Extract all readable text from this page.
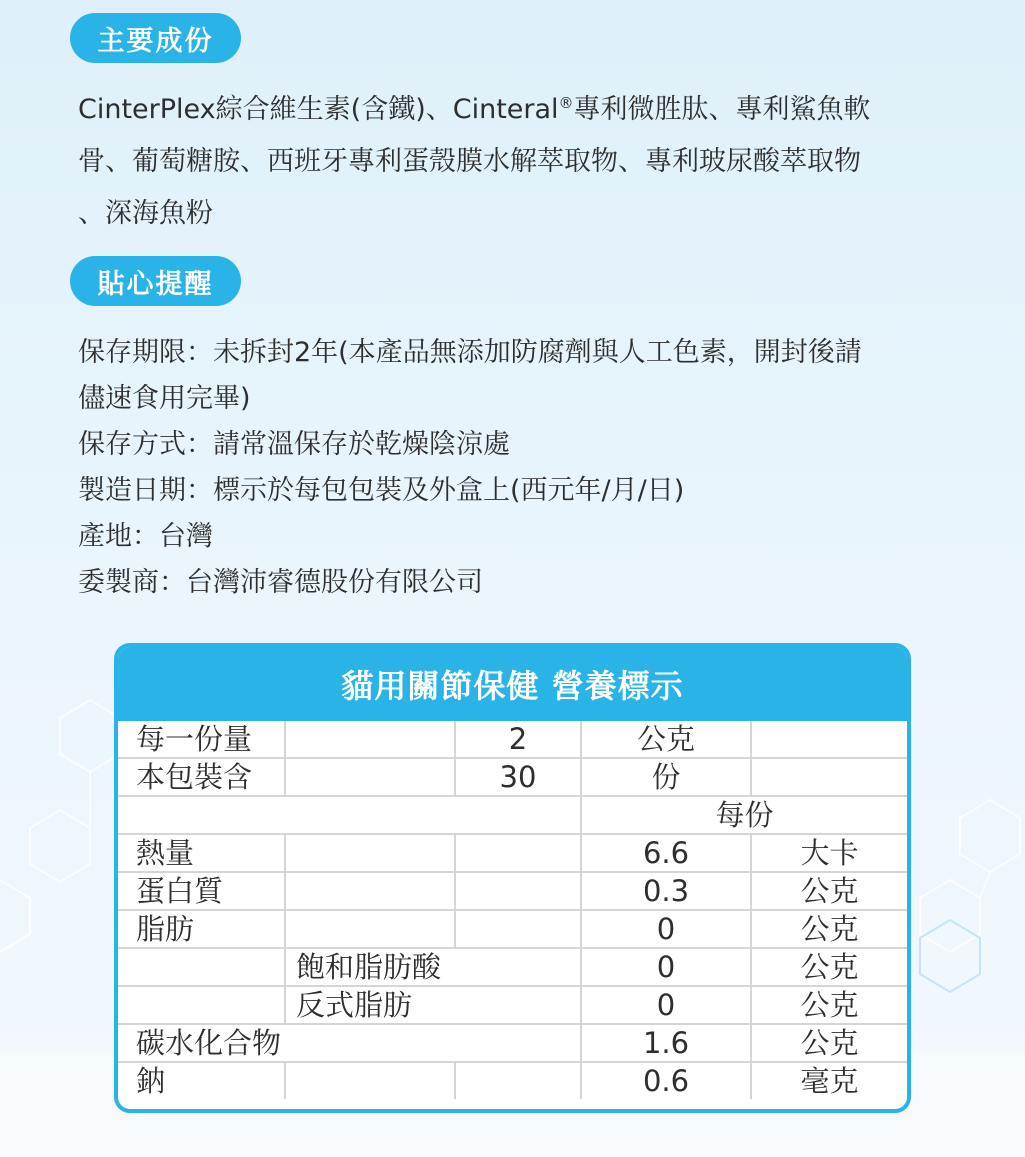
主要成份
CinterPlex綜合維生素(含鐵)、Cinteral®專利微胜肽、專利鯊魚軟
骨、葡萄糖胺、西班牙專利蛋殼膜水解萃取物、專利玻尿酸萃取物
、深海魚粉
貼心提醒

保存期限：未拆封2年(本產品無添加防腐劑與人工色素，開封後請

儘速食用完畢)

保存方式：請常溫保存於乾燥陰涼處

製造日期：標示於每包包裝及外盒上(西元年/月/日)

產地：台灣

委製商：台灣沛睿德股份有限公司

貓用關節保健 營養標示
每一份量		2	公克	
本包裝含		30	份	
			每份	
熱量			6.6	大卡
蛋白質			0.3	公克
脂肪			0	公克
	飽和脂肪酸		0	公克
	反式脂肪		0	公克
碳水化合物			1.6	公克
鈉			0.6	毫克
